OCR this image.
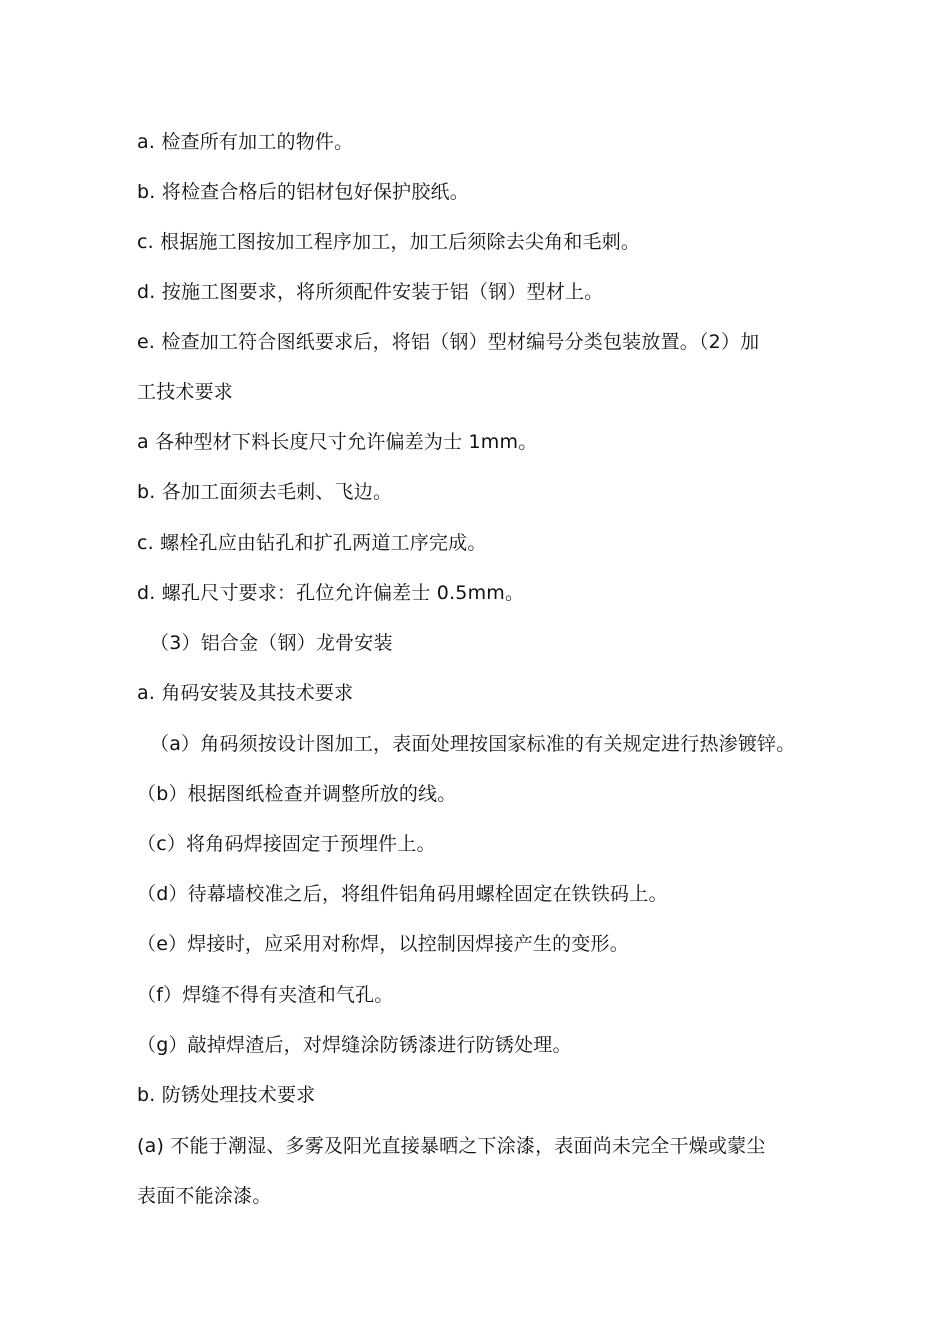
a. 检查所有加工的物件。
b. 将检查合格后的铝材包好保护胶纸。
c. 根据施工图按加工程序加工，加工后须除去尖角和毛刺。
d. 按施工图要求，将所须配件安装于铝（钢）型材上。
e. 检查加工符合图纸要求后，将铝（钢）型材编号分类包装放置。（2）加
工技术要求
a 各种型材下料长度尺寸允许偏差为士 1mm。
b. 各加工面须去毛刺、飞边。
c. 螺栓孔应由钻孔和扩孔两道工序完成。
d. 螺孔尺寸要求：孔位允许偏差士 0.5mm。
（3）铝合金（钢）龙骨安装
a. 角码安装及其技术要求
（a）角码须按设计图加工，表面处理按国家标准的有关规定进行热渗镀锌。
（b）根据图纸检查并调整所放的线。
（c）将角码焊接固定于预埋件上。
（d）待幕墙校准之后，将组件铝角码用螺栓固定在铁铁码上。
（e）焊接时，应采用对称焊，以控制因焊接产生的变形。
（f）焊缝不得有夹渣和气孔。
（g）敲掉焊渣后，对焊缝涂防锈漆进行防锈处理。
b. 防锈处理技术要求
(a) 不能于潮湿、多雾及阳光直接暴晒之下涂漆，表面尚未完全干燥或蒙尘
表面不能涂漆。
